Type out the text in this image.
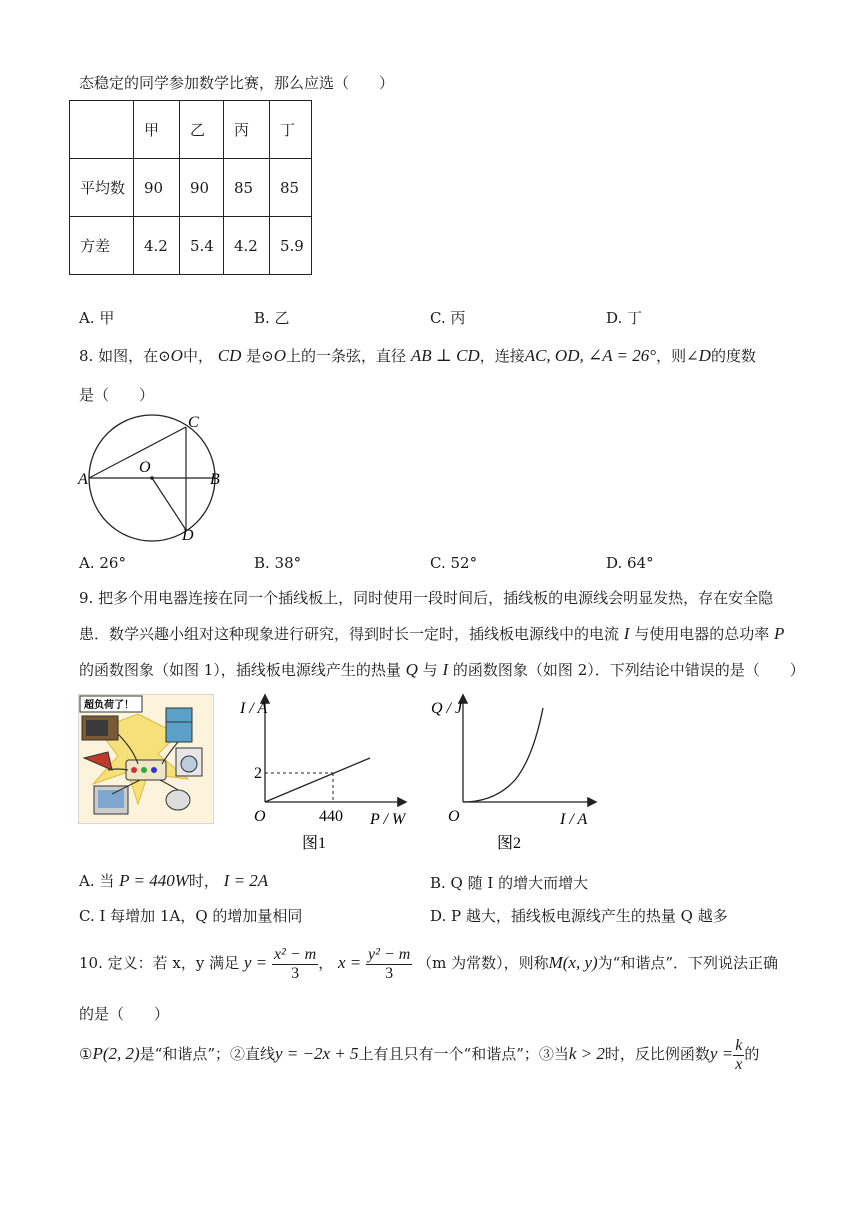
态稳定的同学参加数学比赛，那么应选（　　）
	甲	乙	丙	丁
平均数	90	90	85	85
方差	4.2	5.4	4.2	5.9
A. 甲	B. 乙	C. 丙	D. 丁
8. 如图，在⊙O中， CD 是⊙O上的一条弦，直径 AB ⊥ CD，连接AC, OD, ∠A = 26°，则∠D的度数
是（　　）
A	B
C
D
O
A. 26°	B. 38°	C. 52°	D. 64°
9. 把多个用电器连接在同一个插线板上，同时使用一段时间后，插线板的电源线会明显发热，存在安全隐
患．数学兴趣小组对这种现象进行研究，得到时长一定时，插线板电源线中的电流 I 与使用电器的总功率 P
的函数图象（如图 1），插线板电源线产生的热量 Q 与 I 的函数图象（如图 2）．下列结论中错误的是（　　）
超负荷了！	I / A
2
440
O	P / W
图1
Q / J
O	I / A
图2
A. 当 P = 440W时， I = 2A	B. Q 随 I 的增大而增大
C. I 每增加 1A，Q 的增加量相同	D. P 越大，插线板电源线产生的热量 Q 越多
10. 定义：若 x，y 满足 $y = \frac{\text{x² − m}}{3}$ ， $x = \frac{\text{y² − m}}{3} (m$ 为常数），则称M(x, y)为“和谐点”．下列说法正确
的是（　　）
①P(2, 2)是“和谐点”；②直线y = −2x + 5上有且只有一个“和谐点”；③当k > 2时，反比例函数$y = \frac{k}{x}$ 的
